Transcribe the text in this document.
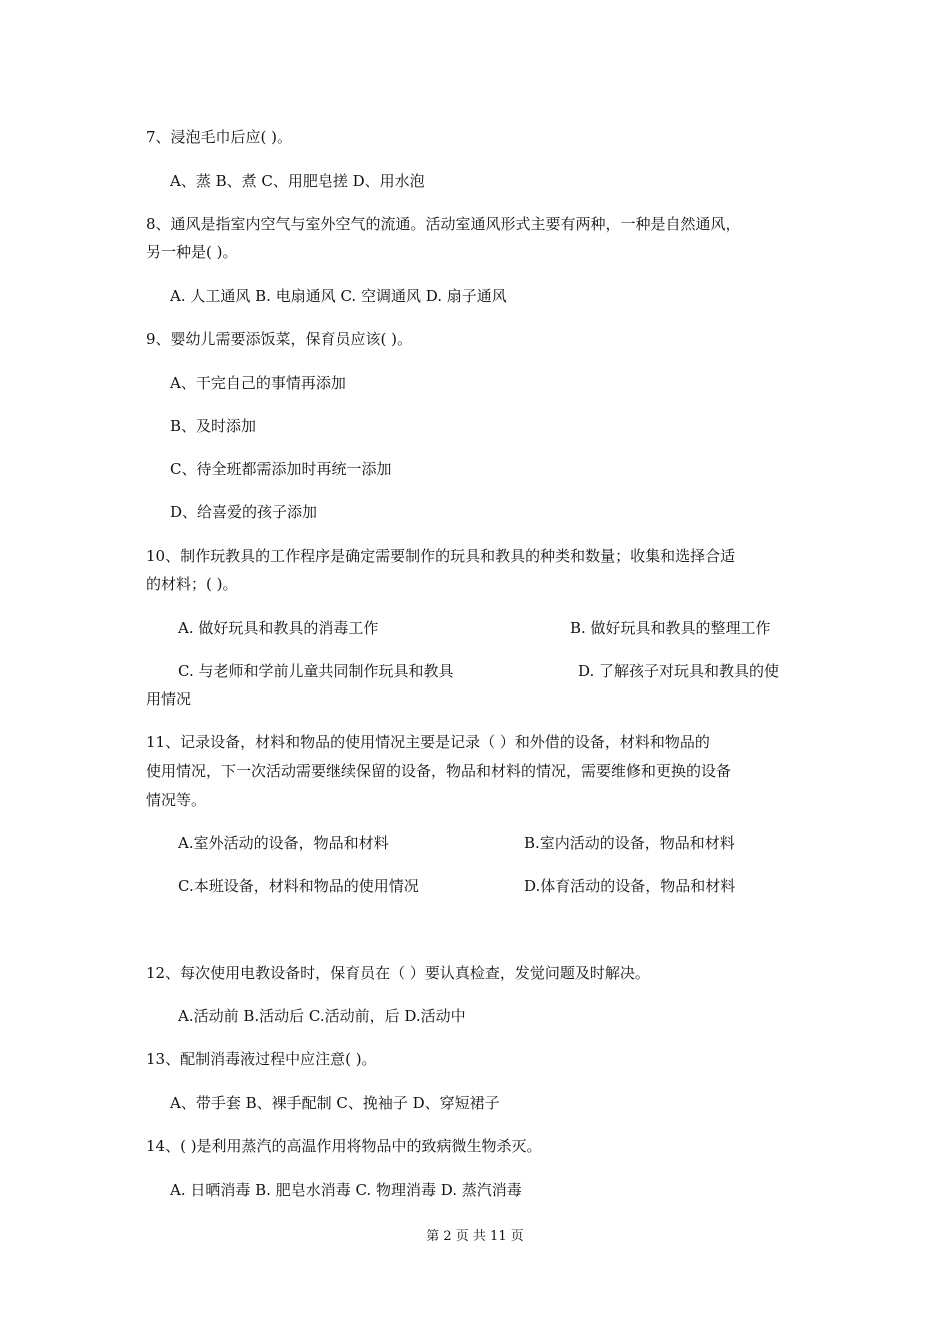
7、浸泡毛巾后应( )。
A、蒸 B、煮 C、用肥皂搓 D、用水泡
8、通风是指室内空气与室外空气的流通。活动室通风形式主要有两种，一种是自然通风，
另一种是( )。
A. 人工通风 B. 电扇通风 C. 空调通风 D. 扇子通风
9、婴幼儿需要添饭菜，保育员应该( )。
A、干完自己的事情再添加
B、及时添加
C、待全班都需添加时再统一添加
D、给喜爱的孩子添加
10、制作玩教具的工作程序是确定需要制作的玩具和教具的种类和数量；收集和选择合适
的材料；( )。
A. 做好玩具和教具的消毒工作	B. 做好玩具和教具的整理工作
C. 与老师和学前儿童共同制作玩具和教具	D. 了解孩子对玩具和教具的使
用情况
11、记录设备，材料和物品的使用情况主要是记录（ ）和外借的设备，材料和物品的
使用情况，下一次活动需要继续保留的设备，物品和材料的情况，需要维修和更换的设备
情况等。
A.室外活动的设备，物品和材料	B.室内活动的设备，物品和材料
C.本班设备，材料和物品的使用情况	D.体育活动的设备，物品和材料
12、每次使用电教设备时，保育员在（ ）要认真检查，发觉问题及时解决。
A.活动前 B.活动后 C.活动前，后 D.活动中
13、配制消毒液过程中应注意( )。
A、带手套 B、裸手配制 C、挽袖子 D、穿短裙子
14、( )是利用蒸汽的高温作用将物品中的致病微生物杀灭。
A. 日晒消毒 B. 肥皂水消毒 C. 物理消毒 D. 蒸汽消毒
第 2 页 共 11 页
